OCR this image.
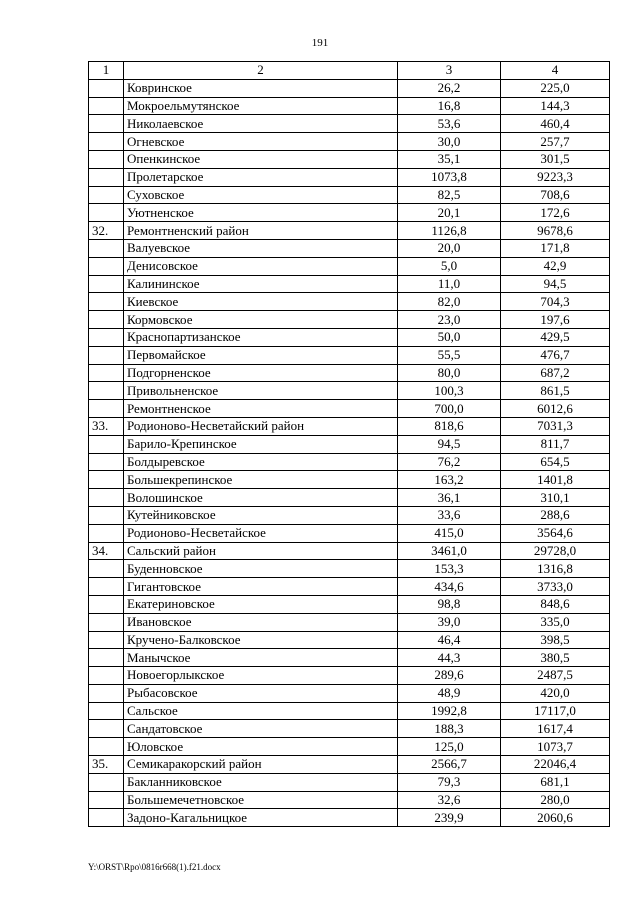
191
1	2	3	4
	Ковринское	26,2	225,0
	Мокроельмутянское	16,8	144,3
	Николаевское	53,6	460,4
	Огневское	30,0	257,7
	Опенкинское	35,1	301,5
	Пролетарское	1073,8	9223,3
	Суховское	82,5	708,6
	Уютненское	20,1	172,6
32.	Ремонтненский район	1126,8	9678,6
	Валуевское	20,0	171,8
	Денисовское	5,0	42,9
	Калининское	11,0	94,5
	Киевское	82,0	704,3
	Кормовское	23,0	197,6
	Краснопартизанское	50,0	429,5
	Первомайское	55,5	476,7
	Подгорненское	80,0	687,2
	Привольненское	100,3	861,5
	Ремонтненское	700,0	6012,6
33.	Родионово-Несветайский район	818,6	7031,3
	Барило-Крепинское	94,5	811,7
	Болдыревское	76,2	654,5
	Большекрепинское	163,2	1401,8
	Волошинское	36,1	310,1
	Кутейниковское	33,6	288,6
	Родионово-Несветайское	415,0	3564,6
34.	Сальский район	3461,0	29728,0
	Буденновское	153,3	1316,8
	Гигантовское	434,6	3733,0
	Екатериновское	98,8	848,6
	Ивановское	39,0	335,0
	Кручено-Балковское	46,4	398,5
	Манычское	44,3	380,5
	Новоегорлыкское	289,6	2487,5
	Рыбасовское	48,9	420,0
	Сальское	1992,8	17117,0
	Сандатовское	188,3	1617,4
	Юловское	125,0	1073,7
35.	Семикаракорский район	2566,7	22046,4
	Бакланниковское	79,3	681,1
	Большемечетновское	32,6	280,0
	Задоно-Кагальницкое	239,9	2060,6
Y:\ORST\Rpo\0816r668(1).f21.docx
